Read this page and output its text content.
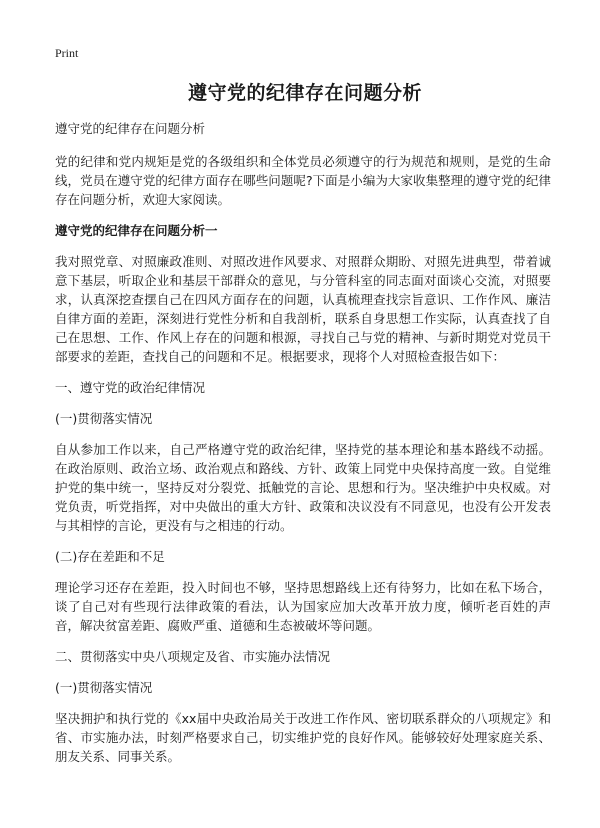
Print
遵守党的纪律存在问题分析

遵守党的纪律存在问题分析

党的纪律和党内规矩是党的各级组织和全体党员必须遵守的行为规范和规则，是党的生命线，党员在遵守党的纪律方面存在哪些问题呢?下面是小编为大家收集整理的遵守党的纪律存在问题分析，欢迎大家阅读。

遵守党的纪律存在问题分析一

我对照党章、对照廉政准则、对照改进作风要求、对照群众期盼、对照先进典型，带着诚意下基层，听取企业和基层干部群众的意见，与分管科室的同志面对面谈心交流，对照要求，认真深挖查摆自己在四风方面存在的问题，认真梳理查找宗旨意识、工作作风、廉洁自律方面的差距，深刻进行党性分析和自我剖析，联系自身思想工作实际，认真查找了自己在思想、工作、作风上存在的问题和根源，寻找自己与党的精神、与新时期党对党员干部要求的差距，查找自己的问题和不足。根据要求，现将个人对照检查报告如下：

一、遵守党的政治纪律情况

(一)贯彻落实情况

自从参加工作以来，自己严格遵守党的政治纪律，坚持党的基本理论和基本路线不动摇。在政治原则、政治立场、政治观点和路线、方针、政策上同党中央保持高度一致。自觉维护党的集中统一，坚持反对分裂党、抵触党的言论、思想和行为。坚决维护中央权威。对党负责，听党指挥，对中央做出的重大方针、政策和决议没有不同意见，也没有公开发表与其相悖的言论，更没有与之相违的行动。

(二)存在差距和不足

理论学习还存在差距，投入时间也不够，坚持思想路线上还有待努力，比如在私下场合，谈了自己对有些现行法律政策的看法，认为国家应加大改革开放力度，倾听老百姓的声音，解决贫富差距、腐败严重、道德和生态被破坏等问题。

二、贯彻落实中央八项规定及省、市实施办法情况

(一)贯彻落实情况

坚决拥护和执行党的《xx届中央政治局关于改进工作作风、密切联系群众的八项规定》和省、市实施办法，时刻严格要求自己，切实维护党的良好作风。能够较好处理家庭关系、朋友关系、同事关系。
